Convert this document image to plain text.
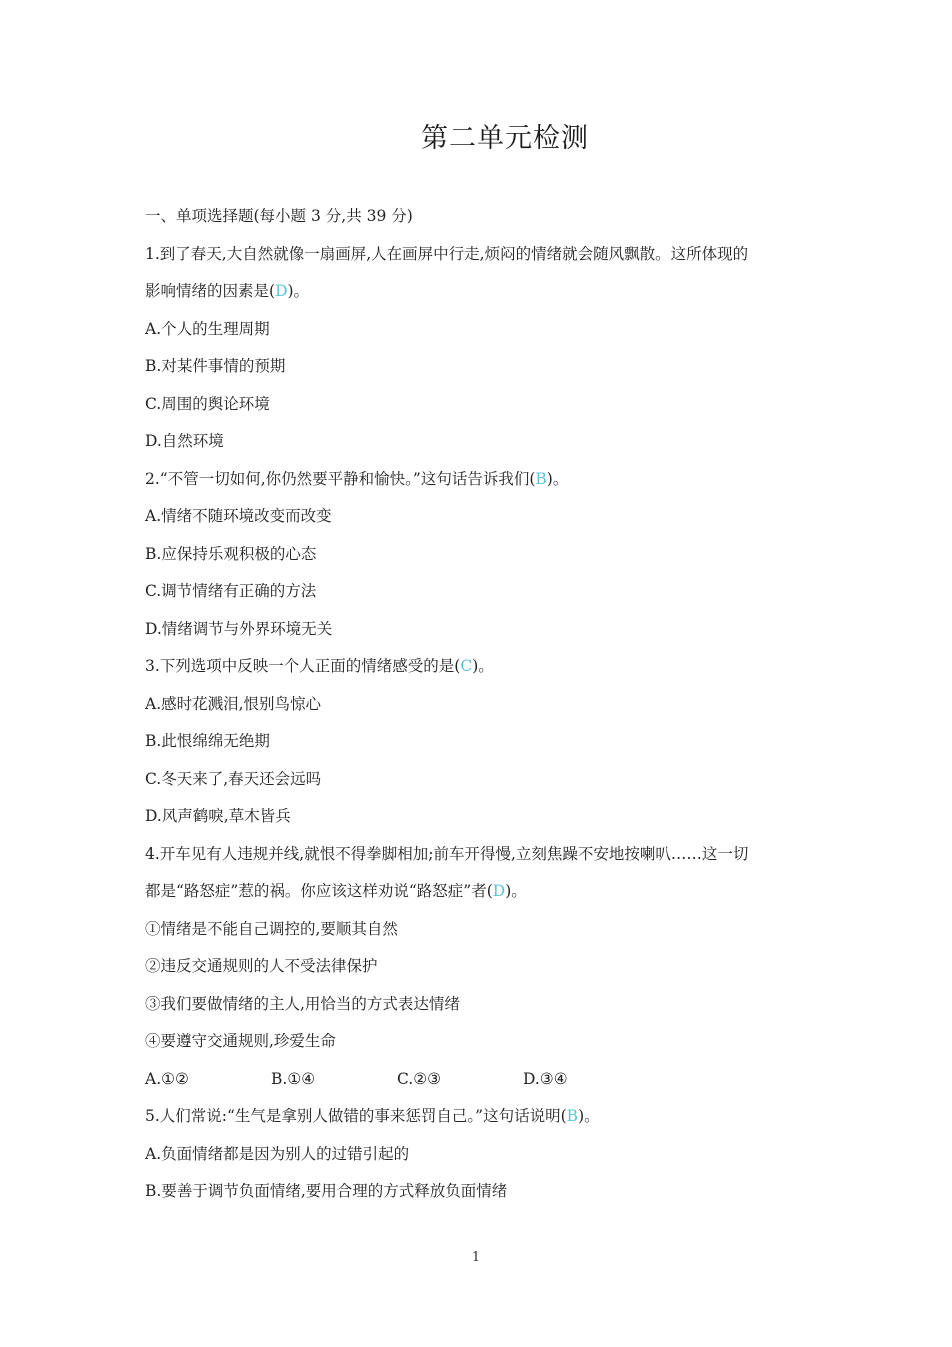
第二单元检测
一、单项选择题(每小题 3 分,共 39 分)
1.到了春天,大自然就像一扇画屏,人在画屏中行走,烦闷的情绪就会随风飘散。这所体现的
影响情绪的因素是(D)。
A.个人的生理周期
B.对某件事情的预期
C.周围的舆论环境
D.自然环境
2.“不管一切如何,你仍然要平静和愉快。”这句话告诉我们(B)。
A.情绪不随环境改变而改变
B.应保持乐观积极的心态
C.调节情绪有正确的方法
D.情绪调节与外界环境无关
3.下列选项中反映一个人正面的情绪感受的是(C)。
A.感时花溅泪,恨别鸟惊心
B.此恨绵绵无绝期
C.冬天来了,春天还会远吗
D.风声鹤唳,草木皆兵
4.开车见有人违规并线,就恨不得拳脚相加;前车开得慢,立刻焦躁不安地按喇叭……这一切
都是“路怒症”惹的祸。你应该这样劝说“路怒症”者(D)。
①情绪是不能自己调控的,要顺其自然
②违反交通规则的人不受法律保护
③我们要做情绪的主人,用恰当的方式表达情绪
④要遵守交通规则,珍爱生命
A.①②	B.①④	C.②③	D.③④
5.人们常说:“生气是拿别人做错的事来惩罚自己。”这句话说明(B)。
A.负面情绪都是因为别人的过错引起的
B.要善于调节负面情绪,要用合理的方式释放负面情绪
1
